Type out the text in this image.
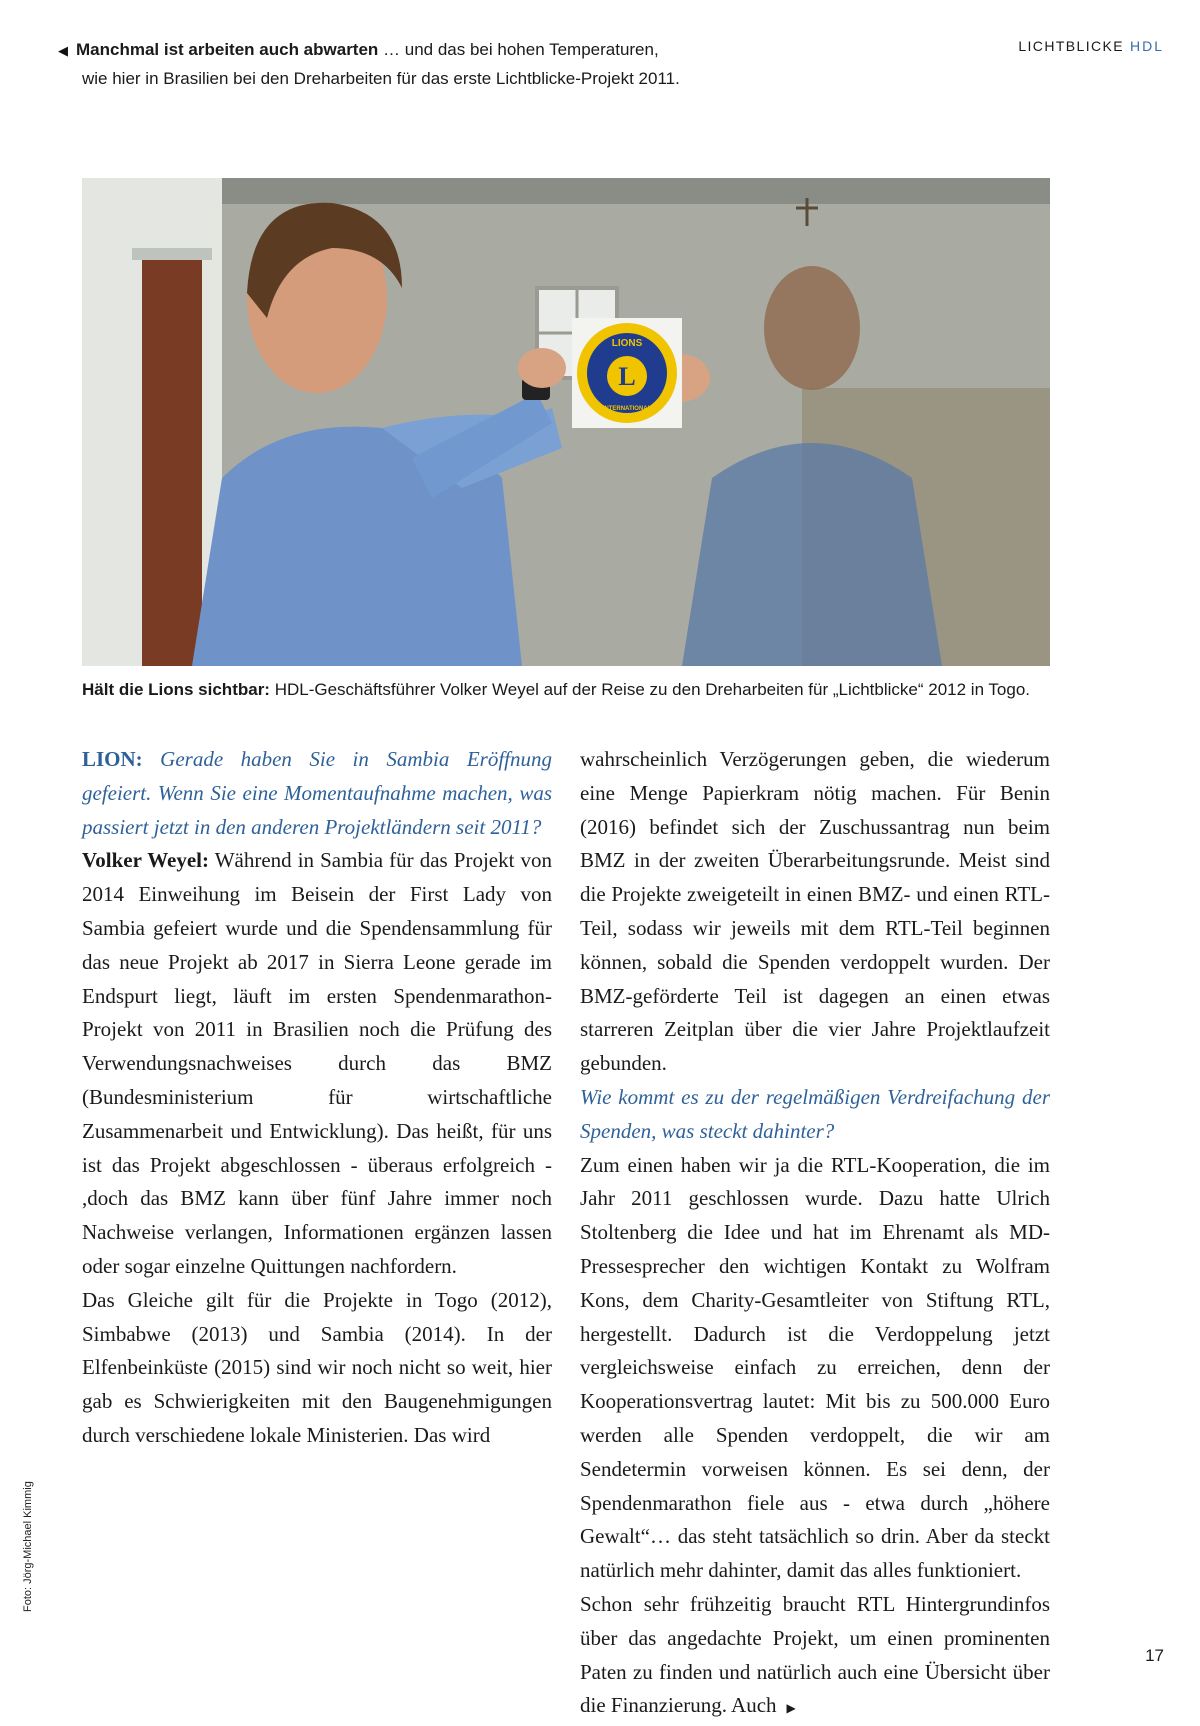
◀ Manchmal ist arbeiten auch abwarten … und das bei hohen Temperaturen,
wie hier in Brasilien bei den Dreharbeiten für das erste Lichtblicke-Projekt 2011.
LICHTBLICKE HDL
LIONS
L
INTERNATIONAL
Hält die Lions sichtbar: HDL-Geschäftsführer Volker Weyel auf der Reise zu den Dreharbeiten für „Lichtblicke“ 2012 in Togo.

LION: Gerade haben Sie in Sambia Eröffnung gefeiert. Wenn Sie eine Momentaufnahme machen, was passiert jetzt in den anderen Projektländern seit 2011?

Volker Weyel: Während in Sambia für das Projekt von 2014 Einweihung im Beisein der First Lady von Sambia gefeiert wurde und die Spendensammlung für das neue Projekt ab 2017 in Sierra Leone gerade im Endspurt liegt, läuft im ersten Spendenmarathon-Projekt von 2011 in Brasilien noch die Prüfung des Verwendungsnachweises durch das BMZ (Bundesministerium für wirtschaftliche Zusammenarbeit und Entwicklung). Das heißt, für uns ist das Projekt abgeschlossen - überaus erfolgreich - ,doch das BMZ kann über fünf Jahre immer noch Nachweise verlangen, Informationen ergänzen lassen oder sogar einzelne Quittungen nachfordern.

Das Gleiche gilt für die Projekte in Togo (2012), Simbabwe (2013) und Sambia (2014). In der Elfenbeinküste (2015) sind wir noch nicht so weit, hier gab es Schwierigkeiten mit den Baugenehmigungen durch verschiedene lokale Ministerien. Das wird

wahrscheinlich Verzögerungen geben, die wiederum eine Menge Papierkram nötig machen. Für Benin (2016) befindet sich der Zuschussantrag nun beim BMZ in der zweiten Überarbeitungsrunde. Meist sind die Projekte zweigeteilt in einen BMZ- und einen RTL-Teil, sodass wir jeweils mit dem RTL-Teil beginnen können, sobald die Spenden verdoppelt wurden. Der BMZ-geförderte Teil ist dagegen an einen etwas starreren Zeitplan über die vier Jahre Projektlaufzeit gebunden.

Wie kommt es zu der regelmäßigen Verdreifachung der Spenden, was steckt dahinter?

Zum einen haben wir ja die RTL-Kooperation, die im Jahr 2011 geschlossen wurde. Dazu hatte Ulrich Stoltenberg die Idee und hat im Ehrenamt als MD-Pressesprecher den wichtigen Kontakt zu Wolfram Kons, dem Charity-Gesamtleiter von Stiftung RTL, hergestellt. Dadurch ist die Verdoppelung jetzt vergleichsweise einfach zu erreichen, denn der Kooperationsvertrag lautet: Mit bis zu 500.000 Euro werden alle Spenden verdoppelt, die wir am Sendetermin vorweisen können. Es sei denn, der Spendenmarathon fiele aus - etwa durch „höhere Gewalt“… das steht tatsächlich so drin. Aber da steckt natürlich mehr dahinter, damit das alles funktioniert.

Schon sehr frühzeitig braucht RTL Hintergrundinfos über das angedachte Projekt, um einen prominenten Paten zu finden und natürlich auch eine Übersicht über die Finanzierung. Auch ▶

Foto: Jörg-Michael Kimmig
17
